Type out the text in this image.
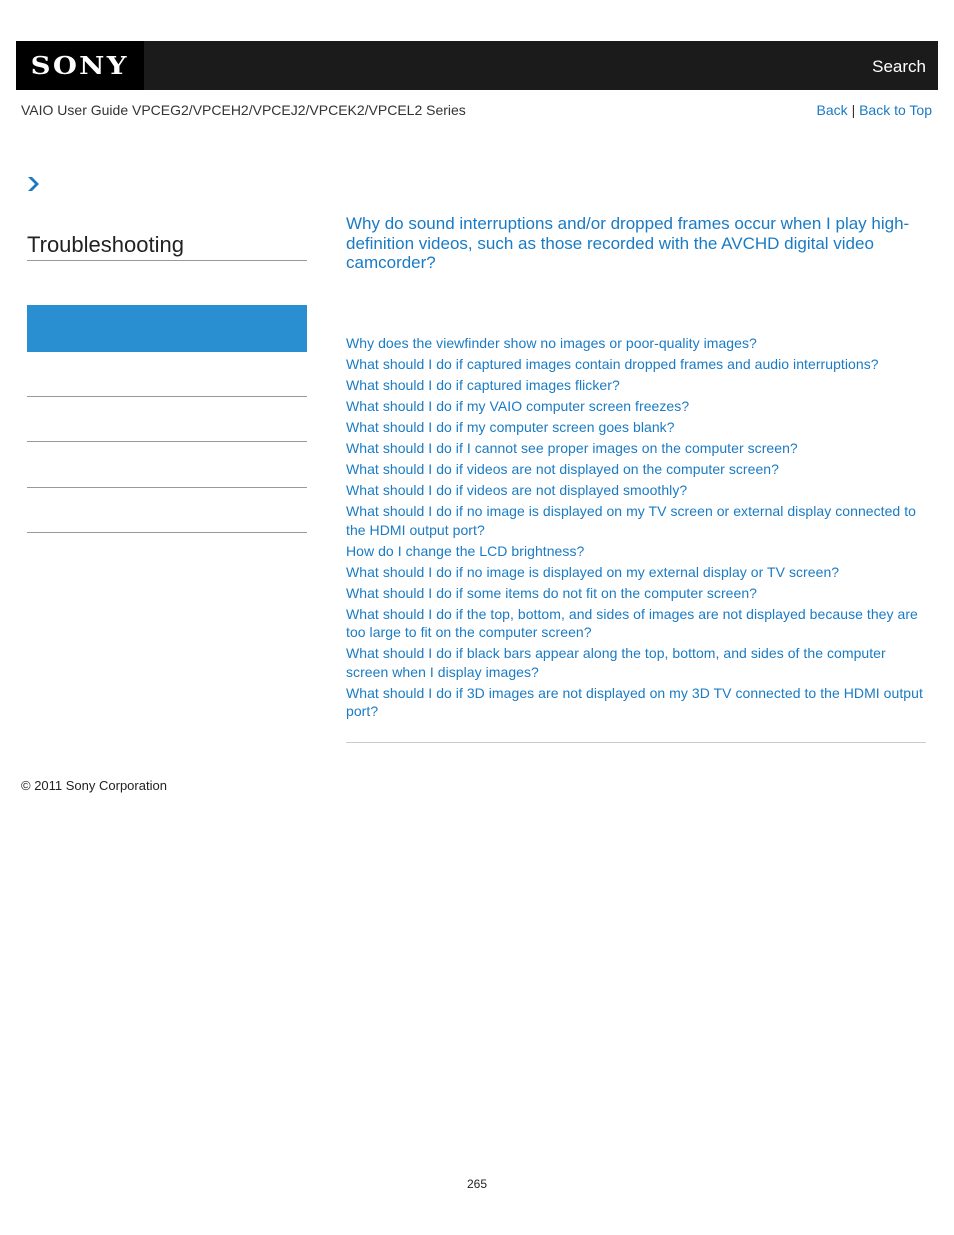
SONY	Search
VAIO User Guide VPCEG2/VPCEH2/VPCEJ2/VPCEK2/VPCEL2 Series	Back | Back to Top
Troubleshooting
Why do sound interruptions and/or dropped frames occur when I play high-definition videos, such as those recorded with the AVCHD digital video camcorder?
Why does the viewfinder show no images or poor-quality images?
What should I do if captured images contain dropped frames and audio interruptions?
What should I do if captured images flicker?
What should I do if my VAIO computer screen freezes?
What should I do if my computer screen goes blank?
What should I do if I cannot see proper images on the computer screen?
What should I do if videos are not displayed on the computer screen?
What should I do if videos are not displayed smoothly?
What should I do if no image is displayed on my TV screen or external display connected to the HDMI output port?
How do I change the LCD brightness?
What should I do if no image is displayed on my external display or TV screen?
What should I do if some items do not fit on the computer screen?
What should I do if the top, bottom, and sides of images are not displayed because they are too large to fit on the computer screen?
What should I do if black bars appear along the top, bottom, and sides of the computer screen when I display images?
What should I do if 3D images are not displayed on my 3D TV connected to the HDMI output port?
© 2011 Sony Corporation
265
